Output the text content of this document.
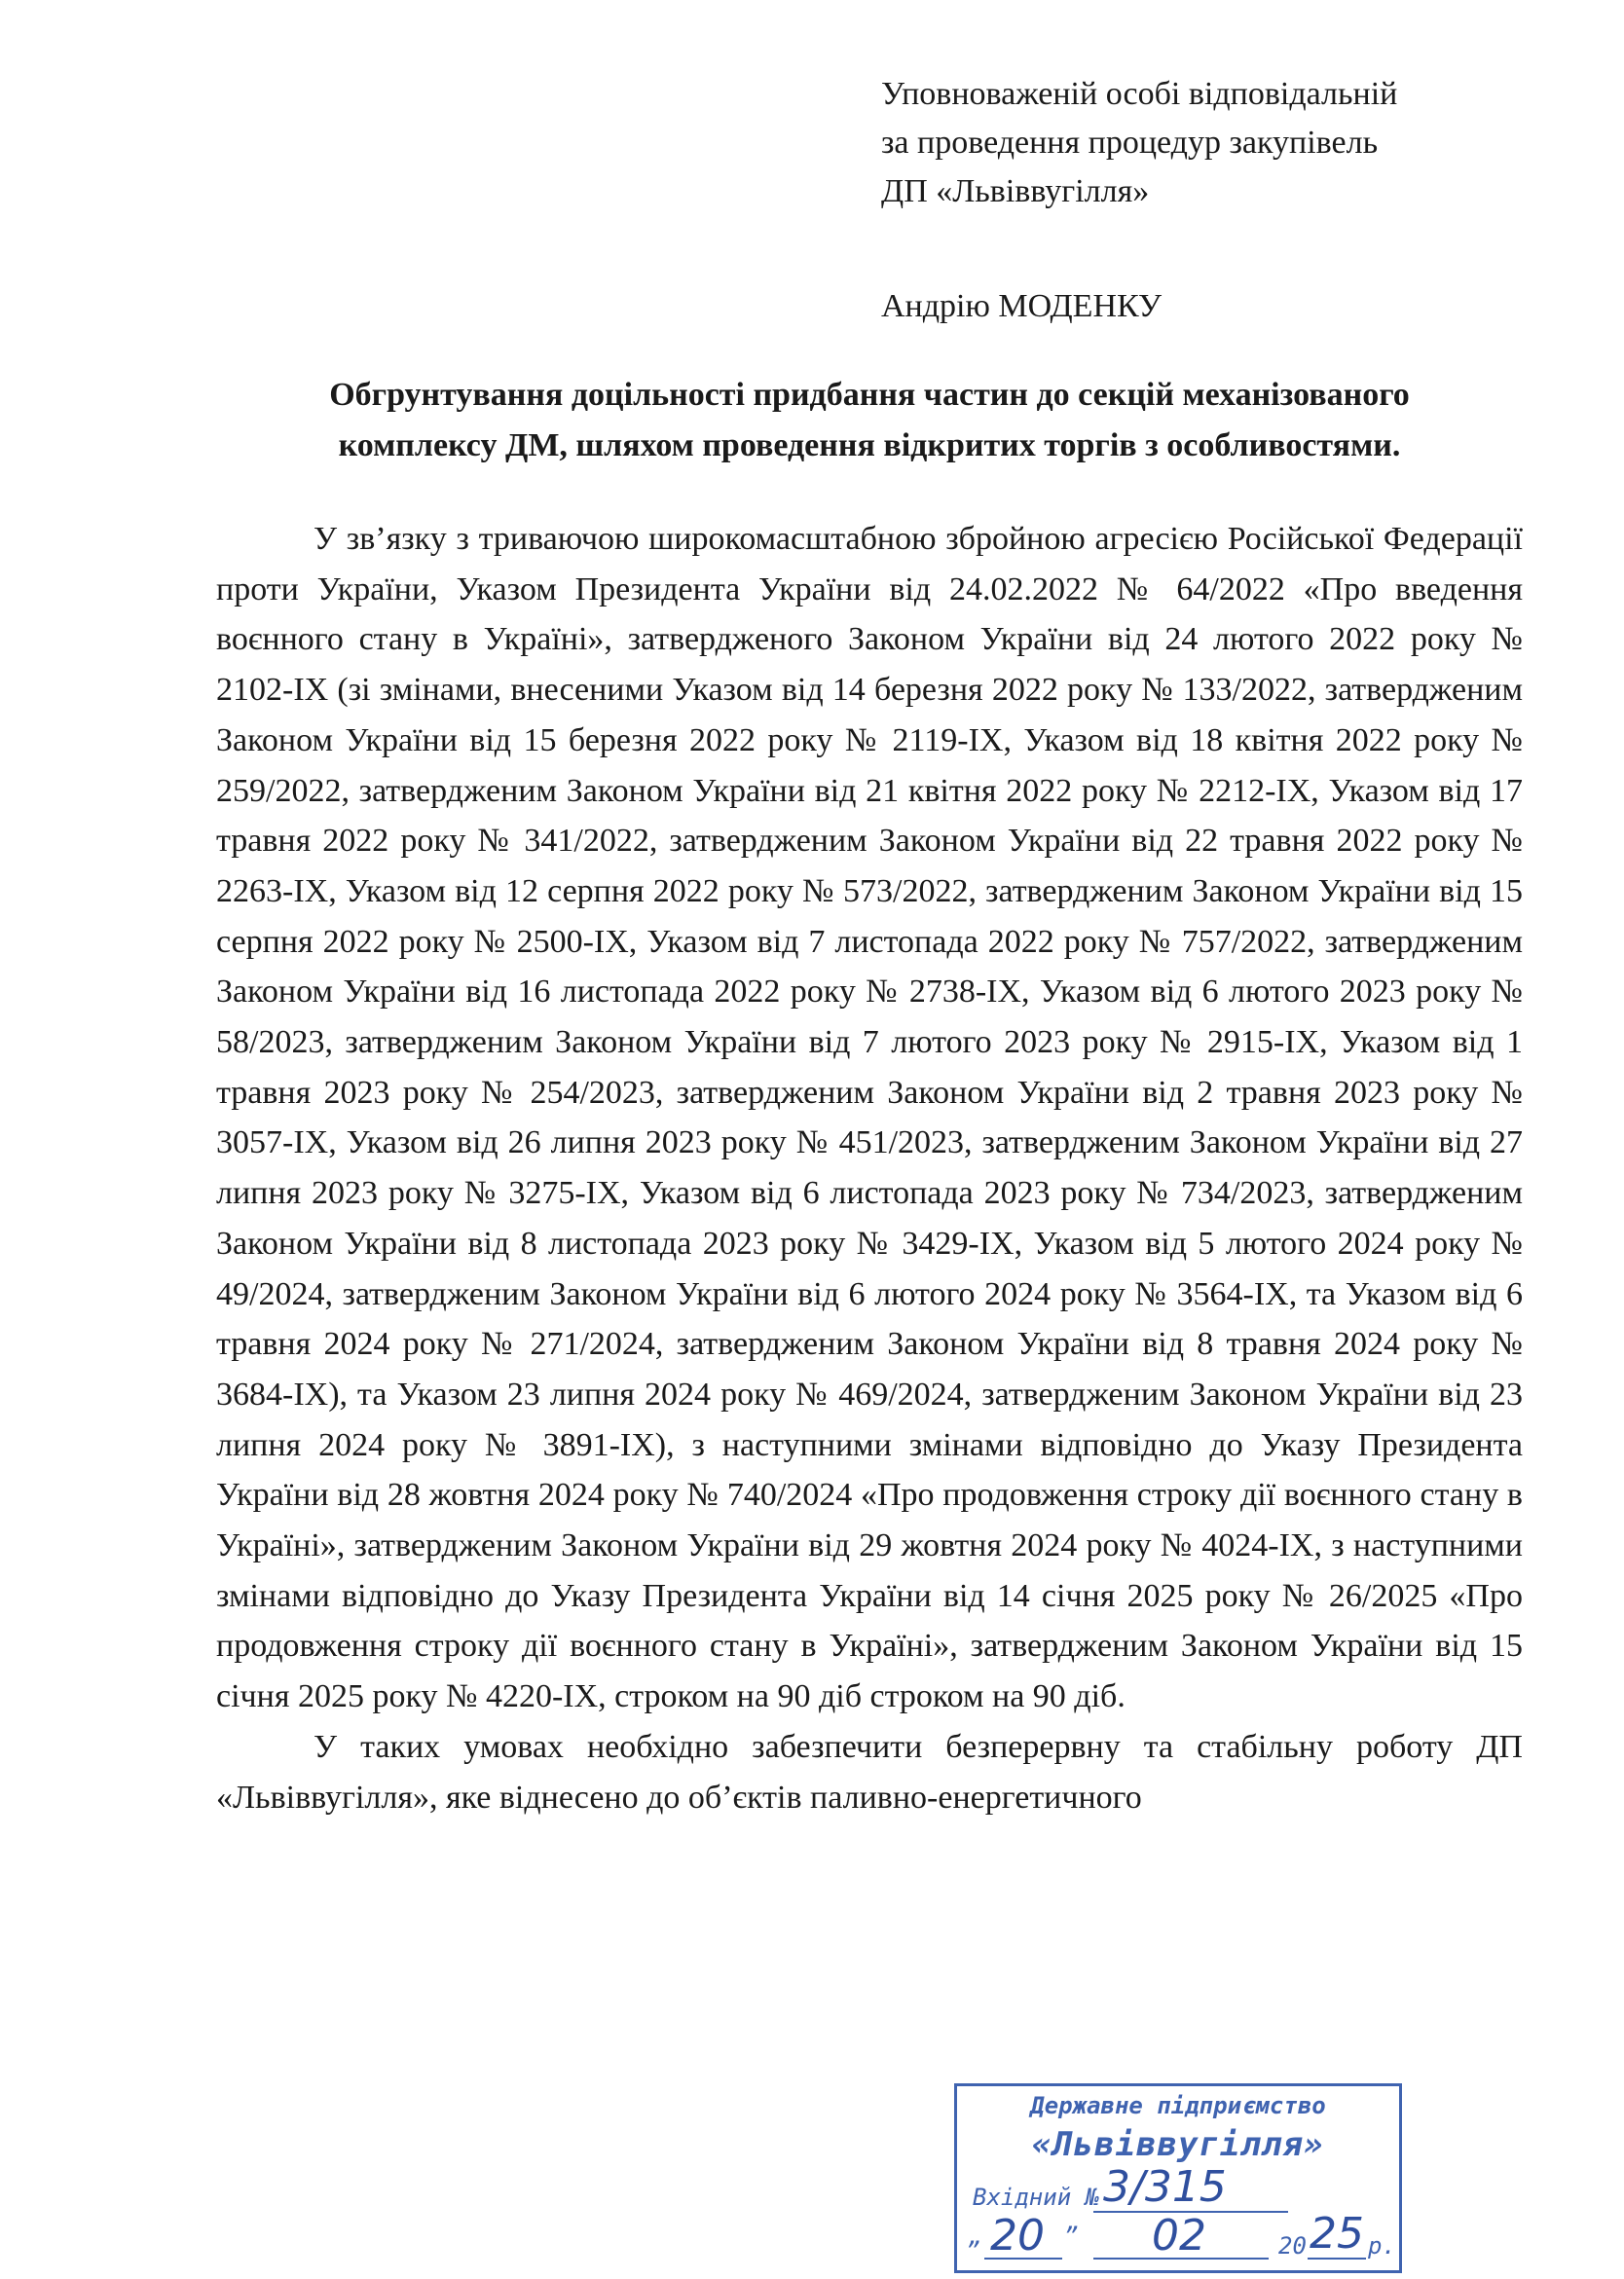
Уповноваженій особі відповідальній
за проведення процедур закупівель
ДП «Львіввугілля»
Андрію МОДЕНКУ
Обгрунтування доцільності придбання частин до секцій механізованого
комплексу ДМ, шляхом проведення відкритих торгів з особливостями.

У зв’язку з триваючою широкомасштабною збройною агресією Російської Федерації проти України, Указом Президента України від 24.02.2022 № 64/2022 «Про введення воєнного стану в Україні», затвердженого Законом України від 24 лютого 2022 року № 2102-IX (зі змінами, внесеними Указом від 14 березня 2022 року № 133/2022, затвердженим Законом України від 15 березня 2022 року № 2119-IX, Указом від 18 квітня 2022 року № 259/2022, затвердженим Законом України від 21 квітня 2022 року № 2212-IX, Указом від 17 травня 2022 року № 341/2022, затвердженим Законом України від 22 травня 2022 року № 2263-IX, Указом від 12 серпня 2022 року № 573/2022, затвердженим Законом України від 15 серпня 2022 року № 2500-IX, Указом від 7 листопада 2022 року № 757/2022, затвердженим Законом України від 16 листопада 2022 року № 2738-IX, Указом від 6 лютого 2023 року № 58/2023, затвердженим Законом України від 7 лютого 2023 року № 2915-IX, Указом від 1 травня 2023 року № 254/2023, затвердженим Законом України від 2 травня 2023 року № 3057-IX, Указом від 26 липня 2023 року № 451/2023, затвердженим Законом України від 27 липня 2023 року № 3275-IX, Указом від 6 листопада 2023 року № 734/2023, затвердженим Законом України від 8 листопада 2023 року № 3429-IX, Указом від 5 лютого 2024 року № 49/2024, затвердженим Законом України від 6 лютого 2024 року № 3564-IX, та Указом від 6 травня 2024 року № 271/2024, затвердженим Законом України від 8 травня 2024 року № 3684-IX), та Указом 23 липня 2024 року № 469/2024, затвердженим Законом України від 23 липня 2024 року № 3891-IX), з наступними змінами відповідно до Указу Президента України від 28 жовтня 2024 року № 740/2024 «Про продовження строку дії воєнного стану в Україні», затвердженим Законом України від 29 жовтня 2024 року № 4024-IX, з наступними змінами відповідно до Указу Президента України від 14 січня 2025 року № 26/2025 «Про продовження строку дії воєнного стану в Україні», затвердженим Законом України від 15 січня 2025 року № 4220-IX, строком на 90 діб строком на 90 діб.

У таких умовах необхідно забезпечити безперервну та стабільну роботу ДП «Львіввугілля», яке віднесено до об’єктів паливно-енергетичного

Державне підприємство
«Львіввугілля»
Вхідний № 3/315
„ 20 ” 02	20 25 р.
